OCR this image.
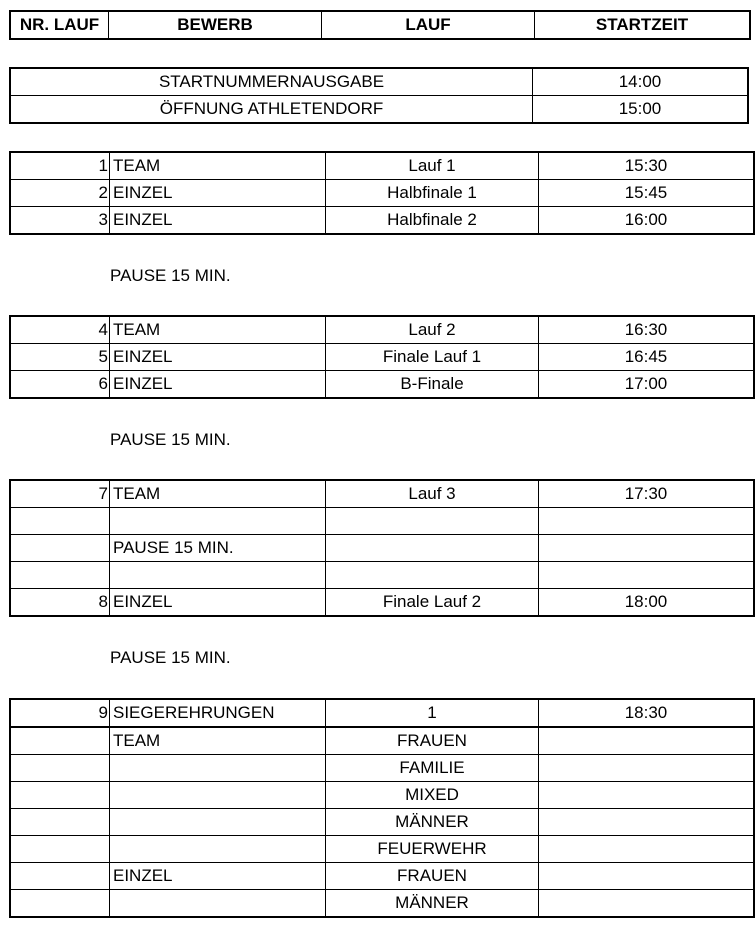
NR. LAUF	BEWERB	LAUF	STARTZEIT
STARTNUMMERNAUSGABE	14:00
ÖFFNUNG ATHLETENDORF	15:00
1	TEAM	Lauf 1	15:30
2	EINZEL	Halbfinale 1	15:45
3	EINZEL	Halbfinale 2	16:00
PAUSE 15 MIN.
4	TEAM	Lauf 2	16:30
5	EINZEL	Finale Lauf 1	16:45
6	EINZEL	B-Finale	17:00
PAUSE 15 MIN.
7	TEAM	Lauf 3	17:30

	PAUSE 15 MIN.		

8	EINZEL	Finale Lauf 2	18:00
PAUSE 15 MIN.
9	SIEGEREHRUNGEN	1	18:30
	TEAM	FRAUEN	
		FAMILIE	
		MIXED	
		MÄNNER	
		FEUERWEHR	
	EINZEL	FRAUEN	
		MÄNNER	
